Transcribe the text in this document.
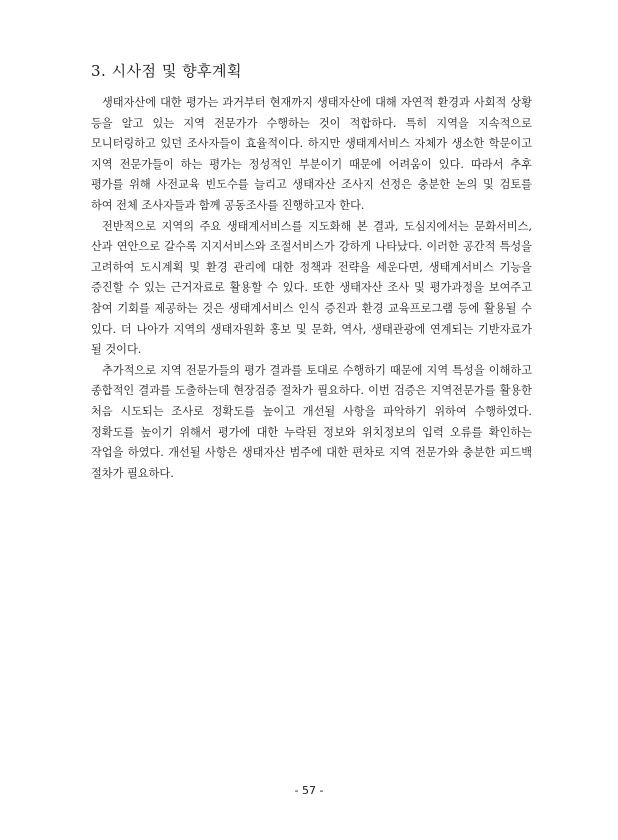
3. 시사점 및 향후계획

생태자산에 대한 평가는 과거부터 현재까지 생태자산에 대해 자연적 환경과 사회적 상황 등을 알고 있는 지역 전문가가 수행하는 것이 적합하다. 특히 지역을 지속적으로 모니터링하고 있던 조사자들이 효율적이다. 하지만 생태계서비스 자체가 생소한 학문이고 지역 전문가들이 하는 평가는 정성적인 부분이기 때문에 어려움이 있다. 따라서 추후 평가를 위해 사전교육 빈도수를 늘리고 생태자산 조사지 선정은 충분한 논의 및 검토를 하여 전체 조사자들과 함께 공동조사를 진행하고자 한다.

전반적으로 지역의 주요 생태계서비스를 지도화해 본 결과, 도심지에서는 문화서비스, 산과 연안으로 갈수록 지지서비스와 조절서비스가 강하게 나타났다. 이러한 공간적 특성을 고려하여 도시계획 및 환경 관리에 대한 정책과 전략을 세운다면, 생태계서비스 기능을 증진할 수 있는 근거자료로 활용할 수 있다. 또한 생태자산 조사 및 평가과정을 보여주고 참여 기회를 제공하는 것은 생태계서비스 인식 증진과 환경 교육프로그램 등에 활용될 수 있다. 더 나아가 지역의 생태자원화 홍보 및 문화, 역사, 생태관광에 연계되는 기반자료가 될 것이다.

추가적으로 지역 전문가들의 평가 결과를 토대로 수행하기 때문에 지역 특성을 이해하고 종합적인 결과를 도출하는데 현장검증 절차가 필요하다. 이번 검증은 지역전문가를 활용한 처음 시도되는 조사로 정확도를 높이고 개선될 사항을 파악하기 위하여 수행하였다. 정확도를 높이기 위해서 평가에 대한 누락된 정보와 위치정보의 입력 오류를 확인하는 작업을 하였다. 개선될 사항은 생태자산 범주에 대한 편차로 지역 전문가와 충분한 피드백 절차가 필요하다.

- 57 -
